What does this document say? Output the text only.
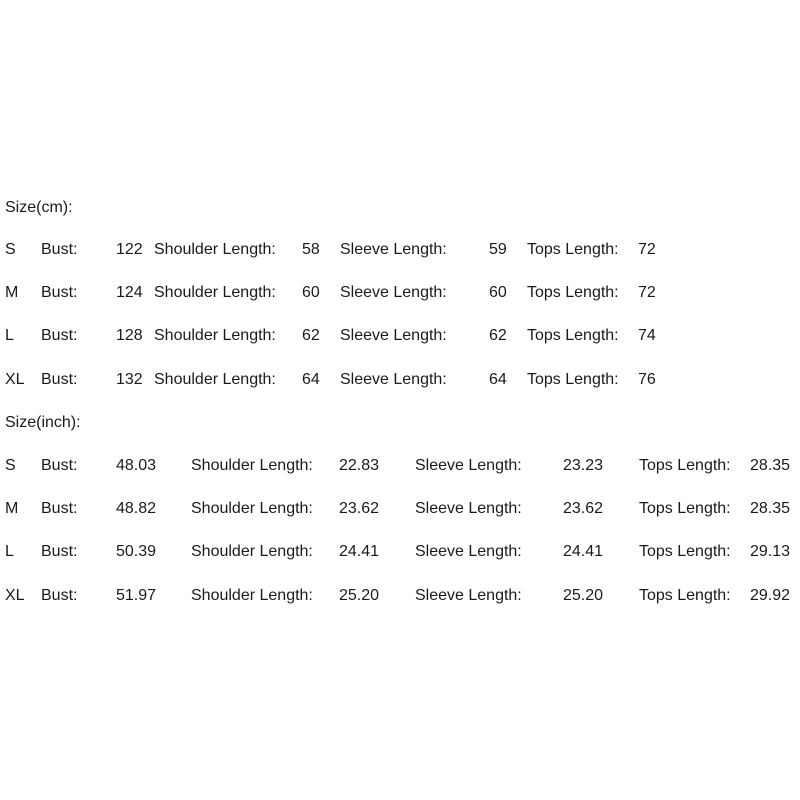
Size(cm):
S Bust: 122 Shoulder Length: 58 Sleeve Length:	59 Tops Length: 72
M Bust: 124 Shoulder Length: 60 Sleeve Length:	60 Tops Length: 72
L Bust: 128 Shoulder Length: 62 Sleeve Length:	62 Tops Length: 74
XL Bust: 132 Shoulder Length: 64 Sleeve Length:	64 Tops Length: 76
Size(inch):
S Bust: 48.03 Shoulder Length: 22.83 Sleeve Length:	23.23 Tops Length: 28.35
M Bust: 48.82 Shoulder Length: 23.62 Sleeve Length:	23.62 Tops Length: 28.35
L Bust: 50.39 Shoulder Length: 24.41 Sleeve Length:	24.41 Tops Length: 29.13
XL Bust: 51.97 Shoulder Length: 25.20 Sleeve Length:	25.20 Tops Length: 29.92
